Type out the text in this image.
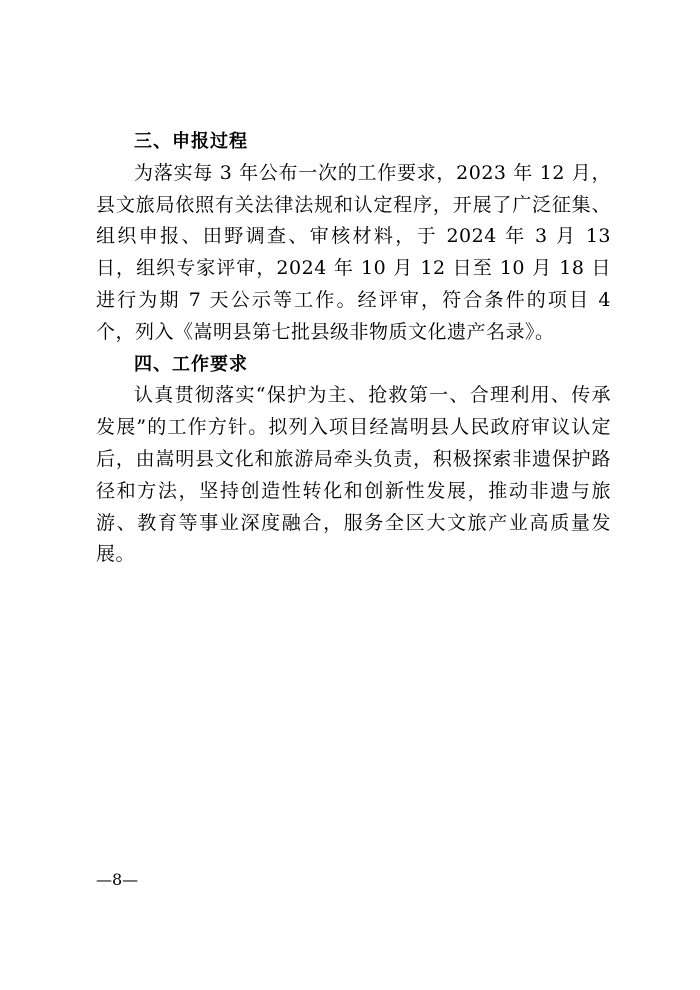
三、申报过程

为落实每 3 年公布一次的工作要求，2023 年 12 月，县文旅局依照有关法律法规和认定程序，开展了广泛征集、组织申报、田野调查、审核材料，于 2024 年 3 月 13 日，组织专家评审，2024 年 10 月 12 日至 10 月 18 日进行为期 7 天公示等工作。经评审，符合条件的项目 4 个，列入《嵩明县第七批县级非物质文化遗产名录》。

四、工作要求

认真贯彻落实“保护为主、抢救第一、合理利用、传承发展”的工作方针。拟列入项目经嵩明县人民政府审议认定后，由嵩明县文化和旅游局牵头负责，积极探索非遗保护路径和方法，坚持创造性转化和创新性发展，推动非遗与旅游、教育等事业深度融合，服务全区大文旅产业高质量发展。

—8—
